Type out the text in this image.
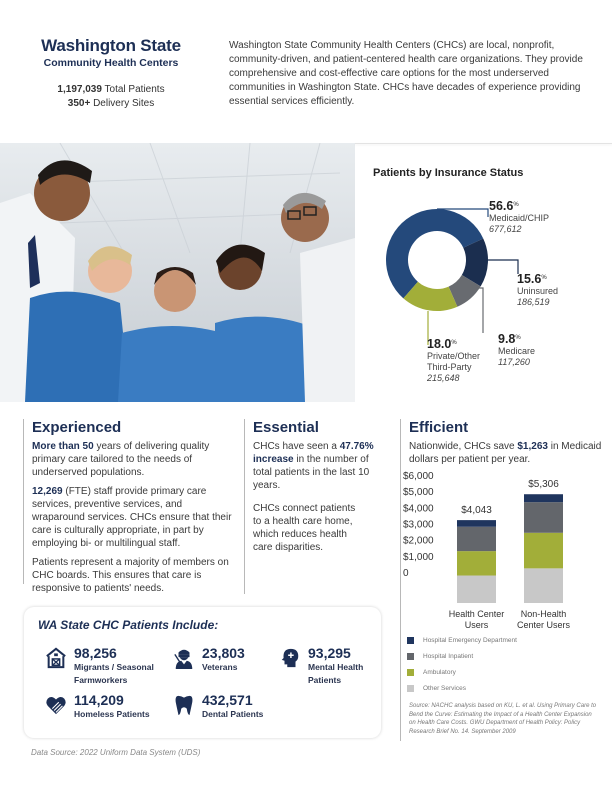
Washington State
Community Health Centers
1,197,039 Total Patients
350+ Delivery Sites
Washington State Community Health Centers (CHCs) are local, nonprofit, community-driven, and patient-centered health care organizations. They provide comprehensive and cost-effective care options for the most underserved communities in Washington State. CHCs have decades of experience providing essential services efficiently.
Patients by Insurance Status
56.6%
Medicaid/CHIP
677,612
15.6%
Uninsured
186,519
9.8%
Medicare
117,260
18.0%
Private/Other
Third-Party
215,648
Experienced

More than 50 years of delivering quality primary care tailored to the needs of underserved populations.

12,269 (FTE) staff provide primary care services, preventive services, and wraparound services. CHCs ensure that their care is culturally appropriate, in part by employing bi- or multilingual staff.

Patients represent a majority of members on CHC boards. This ensures that care is responsive to patients' needs.

Essential

CHCs have seen a 47.76% increase in the number of total patients in the last 10 years.

CHCs connect patients to a health care home, which reduces health care disparities.

Efficient

Nationwide, CHCs save $1,263 in Medicaid dollars per patient per year.

0
$1,000
$2,000
$3,000
$4,000
$5,000
$6,000
$4,043
Health Center
Users
$5,306
Non-Health
Center Users
Hospital Emergency Department
Hospital Inpatient
Ambulatory
Other Services
Source: NACHC analysis based on KU, L. et al. Using Primary Care to Bend the Curve: Estimating the Impact of a Health Center Expansion on Health Care Costs. GWU Department of Health Policy: Policy Research Brief No. 14. September 2009
WA State CHC Patients Include:
98,256
Migrants / Seasonal
Farmworkers
23,803
Veterans
93,295
Mental Health
Patients
114,209
Homeless Patients
432,571
Dental Patients
Data Source: 2022 Uniform Data System (UDS)
